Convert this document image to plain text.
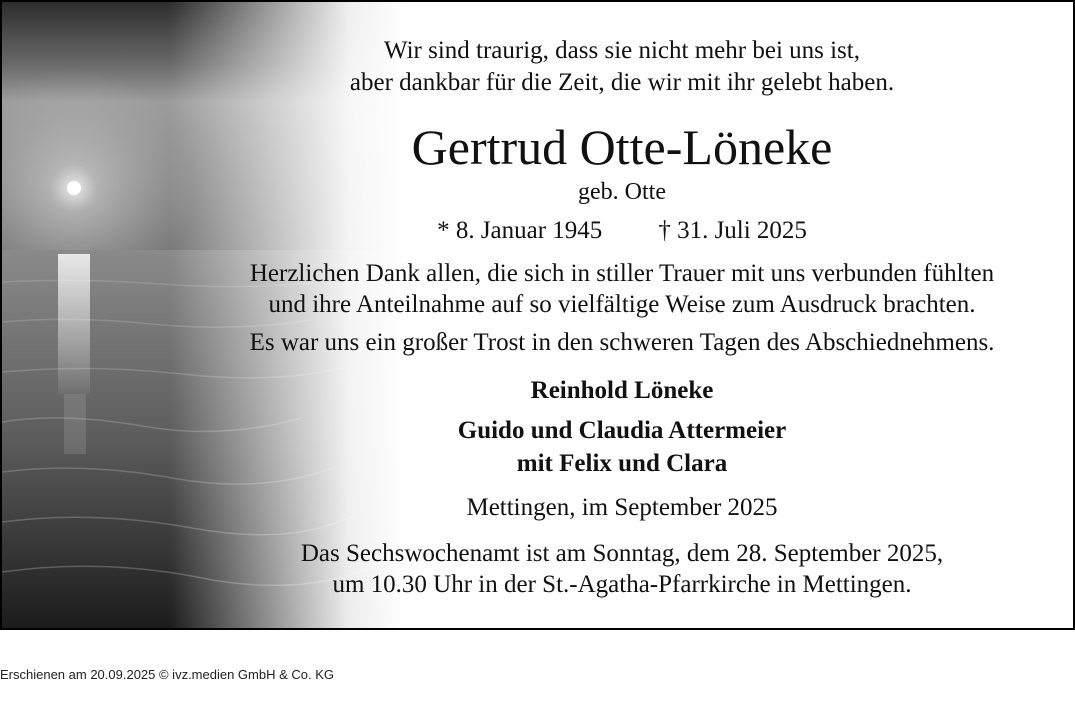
Wir sind traurig, dass sie nicht mehr bei uns ist,
aber dankbar für die Zeit, die wir mit ihr gelebt haben.
Gertrud Otte-Löneke
geb. Otte
* 8. Januar 1945 † 31. Juli 2025
Herzlichen Dank allen, die sich in stiller Trauer mit uns verbunden fühlten
und ihre Anteilnahme auf so vielfältige Weise zum Ausdruck brachten.
Es war uns ein großer Trost in den schweren Tagen des Abschiednehmens.
Reinhold Löneke
Guido und Claudia Attermeier
mit Felix und Clara
Mettingen, im September 2025
Das Sechswochenamt ist am Sonntag, dem 28. September 2025,
um 10.30 Uhr in der St.-Agatha-Pfarrkirche in Mettingen.
Erschienen am 20.09.2025 © ivz.medien GmbH & Co. KG
